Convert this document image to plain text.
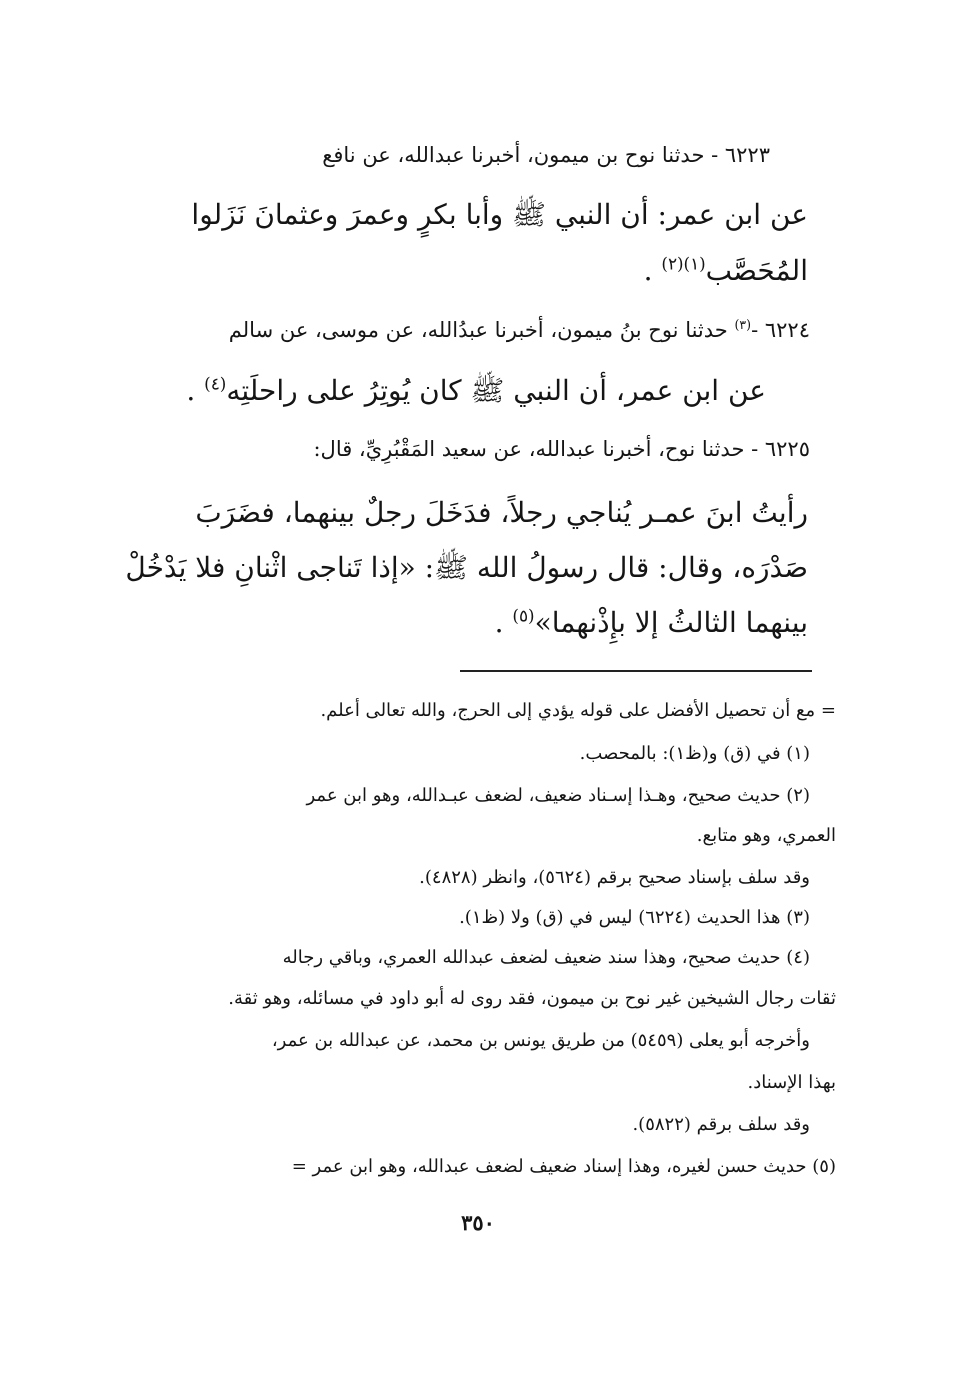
٦٢٢٣ - حدثنا نوح بن ميمون، أخبرنا عبدالله، عن نافع
عن ابن عمر: أن النبي ﷺ وأبا بكرٍ وعمرَ وعثمانَ نَزَلوا
المُحَصَّب$^{(١)(٢)}$ .
٦٢٢٤ -$^{(٣)}$ حدثنا نوح بنُ ميمون، أخبرنا عبدُالله، عن موسى، عن سالم
عن ابن عمر، أن النبي ﷺ كان يُوتِرُ على راحلَتِه$^{(٤)}$ .
٦٢٢٥ - حدثنا نوح، أخبرنا عبدالله، عن سعيد المَقْبُرِيِّ، قال:
رأيتُ ابنَ عمـر يُناجي رجلاً، فدَخَلَ رجلٌ بينهما، فضَرَبَ
صَدْرَه، وقال: قال رسولُ الله ﷺ: «إذا تَناجى اثْنانِ فلا يَدْخُلْ
بينهما الثالثُ إلا بإِذْنهما»$^{(٥)}$ .
= مع أن تحصيل الأفضل على قوله يؤدي إلى الحرج، والله تعالى أعلم.
(١) في (ق) و(ظ١): بالمحصب.
(٢) حديث صحيح، وهـذا إسـناد ضعيف، لضعف عبـدالله، وهو ابن عمر
العمري، وهو متابع.
وقد سلف بإسناد صحيح برقم (٥٦٢٤)، وانظر (٤٨٢٨).
(٣) هذا الحديث (٦٢٢٤) ليس في (ق) ولا (ظ١).
(٤) حديث صحيح، وهذا سند ضعيف لضعف عبدالله العمري، وباقي رجاله
ثقات رجال الشيخين غير نوح بن ميمون، فقد روى له أبو داود في مسائله، وهو ثقة.
وأخرجه أبو يعلى (٥٤٥٩) من طريق يونس بن محمد، عن عبدالله بن عمر،
بهذا الإسناد.
وقد سلف برقم (٥٨٢٢).
(٥) حديث حسن لغيره، وهذا إسناد ضعيف لضعف عبدالله، وهو ابن عمر =
٣٥٠
